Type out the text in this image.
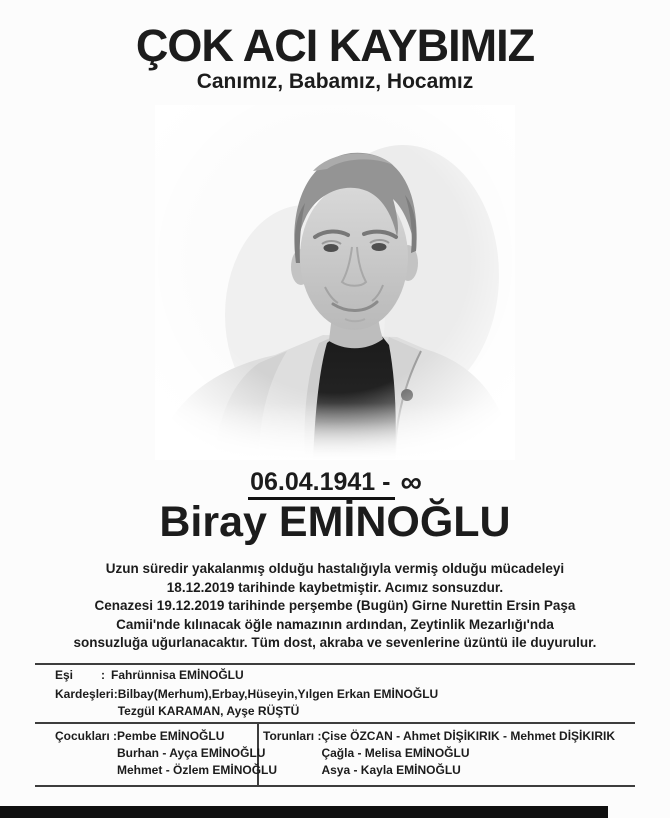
ÇOK ACI KAYBIMIZ
Canımız, Babamız, Hocamız
06.04.1941 - ∞
Biray EMİNOĞLU
Uzun süredir yakalanmış olduğu hastalığıyla vermiş olduğu mücadeleyi
18.12.2019 tarihinde kaybetmiştir. Acımız sonsuzdur.
Cenazesi 19.12.2019 tarihinde perşembe (Bugün) Girne Nurettin Ersin Paşa
Camii'nde kılınacak öğle namazının ardından, Zeytinlik Mezarlığı'nda
sonsuzluğa uğurlanacaktır. Tüm dost, akraba ve sevenlerine üzüntü ile duyurulur.
Eşi	: Fahrünnisa EMİNOĞLU
Kardeşleri: Bilbay(Merhum),Erbay,Hüseyin,Yılgen Erkan EMİNOĞLU
Tezgül KARAMAN, Ayşe RÜŞTÜ
Çocukları : Pembe EMİNOĞLU
Burhan - Ayça EMİNOĞLU
Mehmet - Özlem EMİNOĞLU
Torunları : Çise ÖZCAN - Ahmet DİŞİKIRIK - Mehmet DİŞİKIRIK
Çağla - Melisa EMİNOĞLU
Asya - Kayla EMİNOĞLU
